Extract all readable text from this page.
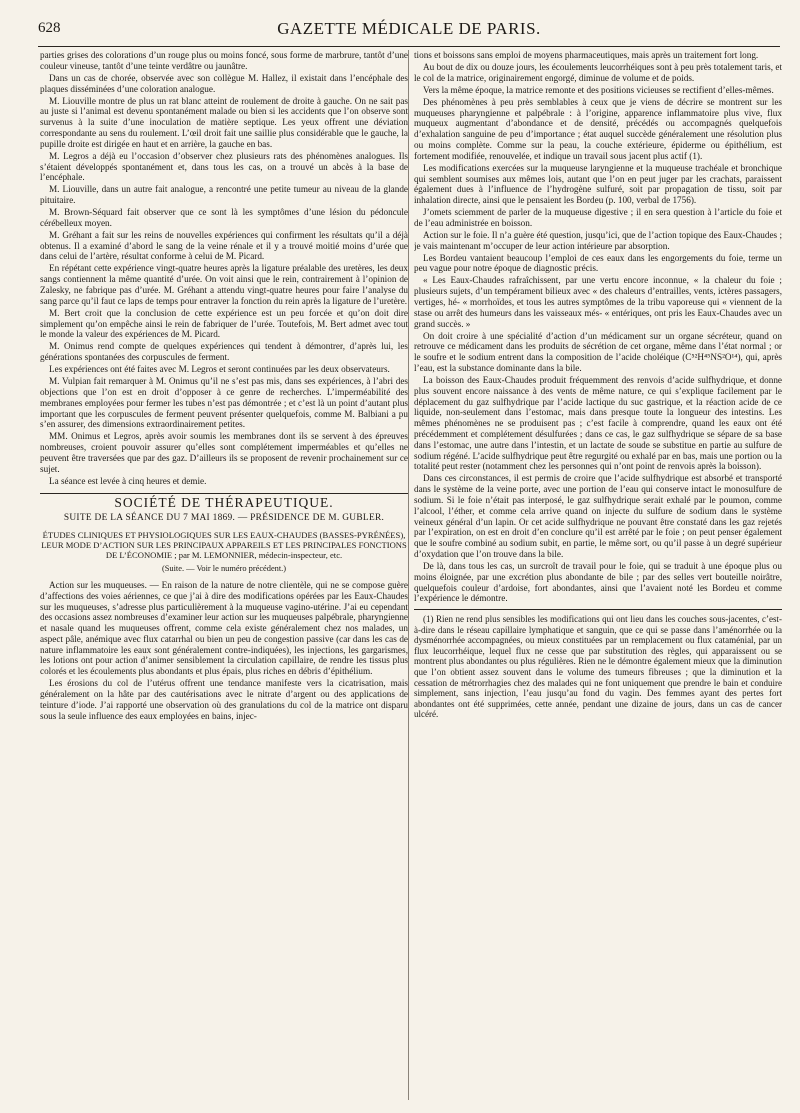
628	GAZETTE MÉDICALE DE PARIS.

parties grises des colorations d’un rouge plus ou moins foncé, sous forme de marbrure, tantôt d’une couleur vineuse, tantôt d’une teinte verdâtre ou jaunâtre.

Dans un cas de chorée, observée avec son collègue M. Hallez, il existait dans l’encéphale des plaques disséminées d’une coloration analogue.

M. Liouville montre de plus un rat blanc atteint de roulement de droite à gauche. On ne sait pas au juste si l’animal est devenu spontanément malade ou bien si les accidents que l’on observe sont survenus à la suite d’une inoculation de matière septique. Les yeux offrent une déviation correspondante au sens du roulement. L’œil droit fait une saillie plus considérable que le gauche, la pupille droite est dirigée en haut et en arrière, la gauche en bas.

M. Legros a déjà eu l’occasion d’observer chez plusieurs rats des phénomènes analogues. Ils s’étaient développés spontanément et, dans tous les cas, on a trouvé un abcès à la base de l’encéphale.

M. Liouville, dans un autre fait analogue, a rencontré une petite tumeur au niveau de la glande pituitaire.

M. Brown-Séquard fait observer que ce sont là les symptômes d’une lésion du pédoncule cérébelleux moyen.

M. Gréhant a fait sur les reins de nouvelles expériences qui confirment les résultats qu’il a déjà obtenus. Il a examiné d’abord le sang de la veine rénale et il y a trouvé moitié moins d’urée que dans celui de l’artère, résultat conforme à celui de M. Picard.

En répétant cette expérience vingt-quatre heures après la ligature préalable des uretères, les deux sangs contiennent la même quantité d’urée. On voit ainsi que le rein, contrairement à l’opinion de Zalesky, ne fabrique pas d’urée. M. Gréhant a attendu vingt-quatre heures pour faire l’analyse du sang parce qu’il faut ce laps de temps pour entraver la fonction du rein après la ligature de l’uretère.

M. Bert croit que la conclusion de cette expérience est un peu forcée et qu’on doit dire simplement qu’on empêche ainsi le rein de fabriquer de l’urée. Toutefois, M. Bert admet avec tout le monde la valeur des expériences de M. Picard.

M. Onimus rend compte de quelques expériences qui tendent à démontrer, d’après lui, les générations spontanées des corpuscules de ferment.

Les expériences ont été faites avec M. Legros et seront continuées par les deux observateurs.

M. Vulpian fait remarquer à M. Onimus qu’il ne s’est pas mis, dans ses expériences, à l’abri des objections que l’on est en droit d’opposer à ce genre de recherches. L’imperméabilité des membranes employées pour fermer les tubes n’est pas démontrée ; et c’est là un point d’autant plus important que les corpuscules de ferment peuvent présenter quelquefois, comme M. Balbiani a pu s’en assurer, des dimensions extraordinairement petites.

MM. Onimus et Legros, après avoir soumis les membranes dont ils se servent à des épreuves nombreuses, croient pouvoir assurer qu’elles sont complétement imperméables et qu’elles ne peuvent être traversées que par des gaz. D’ailleurs ils se proposent de revenir prochainement sur ce sujet.

La séance est levée à cinq heures et demie.

SOCIÉTÉ DE THÉRAPEUTIQUE.
SUITE DE LA SÉANCE DU 7 MAI 1869. — PRÉSIDENCE DE M. GUBLER.
ÉTUDES CLINIQUES ET PHYSIOLOGIQUES SUR LES EAUX-CHAUDES (BASSES-PYRÉNÉES), LEUR MODE D’ACTION SUR LES PRINCIPAUX APPAREILS ET LES PRINCIPALES FONCTIONS DE L’ÉCONOMIE ; par M. LEMONNIER, médecin-inspecteur, etc.
(Suite. — Voir le numéro précédent.)

Action sur les muqueuses. — En raison de la nature de notre clientèle, qui ne se compose guère d’affections des voies aériennes, ce que j’ai à dire des modifications opérées par les Eaux-Chaudes sur les muqueuses, s’adresse plus particulièrement à la muqueuse vagino-utérine. J’ai eu cependant des occasions assez nombreuses d’examiner leur action sur les muqueuses palpébrale, pharyngienne et nasale quand les muqueuses offrent, comme cela existe généralement chez nos malades, un aspect pâle, anémique avec flux catarrhal ou bien un peu de congestion passive (car dans les cas de nature inflammatoire les eaux sont généralement contre-indiquées), les injections, les gargarismes, les lotions ont pour action d’animer sensiblement la circulation capillaire, de rendre les tissus plus colorés et les écoulements plus abondants et plus épais, plus riches en débris d’épithélium.

Les érosions du col de l’utérus offrent une tendance manifeste vers la cicatrisation, mais généralement on la hâte par des cautérisations avec le nitrate d’argent ou des applications de teinture d’iode. J’ai rapporté une observation où des granulations du col de la matrice ont disparu sous la seule influence des eaux employées en bains, injec-

tions et boissons sans emploi de moyens pharmaceutiques, mais après un traitement fort long.

Au bout de dix ou douze jours, les écoulements leucorrhéiques sont à peu près totalement taris, et le col de la matrice, originairement engorgé, diminue de volume et de poids.

Vers la même époque, la matrice remonte et des positions vicieuses se rectifient d’elles-mêmes.

Des phénomènes à peu près semblables à ceux que je viens de décrire se montrent sur les muqueuses pharyngienne et palpébrale : à l’origine, apparence inflammatoire plus vive, flux muqueux augmentant d’abondance et de densité, précédés ou accompagnés quelquefois d’exhalation sanguine de peu d’importance ; état auquel succède généralement une résolution plus ou moins complète. Comme sur la peau, la couche extérieure, épiderme ou épithélium, est fortement modifiée, renouvelée, et indique un travail sous jacent plus actif (1).

Les modifications exercées sur la muqueuse laryngienne et la muqueuse trachéale et bronchique qui semblent soumises aux mêmes lois, autant que l’on en peut juger par les crachats, paraissent également dues à l’influence de l’hydrogène sulfuré, soit par propagation de tissu, soit par inhalation directe, ainsi que le pensaient les Bordeu (p. 100, verbal de 1756).

J’omets sciemment de parler de la muqueuse digestive ; il en sera question à l’article du foie et de l’eau administrée en boisson.

Action sur le foie. Il n’a guère été question, jusqu’ici, que de l’action topique des Eaux-Chaudes ; je vais maintenant m’occuper de leur action intérieure par absorption.

Les Bordeu vantaient beaucoup l’emploi de ces eaux dans les engorgements du foie, terme un peu vague pour notre époque de diagnostic précis.

« Les Eaux-Chaudes rafraîchissent, par une vertu encore inconnue, « la chaleur du foie ; plusieurs sujets, d’un tempérament bilieux avec « des chaleurs d’entrailles, vents, ictères passagers, vertiges, hé- « morrhoïdes, et tous les autres symptômes de la tribu vaporeuse qui « viennent de la stase ou arrêt des humeurs dans les vaisseaux més- « entériques, ont pris les Eaux-Chaudes avec un grand succès. »

On doit croire à une spécialité d’action d’un médicament sur un organe sécréteur, quand on retrouve ce médicament dans les produits de sécrétion de cet organe, même dans l’état normal ; or le soufre et le sodium entrent dans la composition de l’acide choléique (C⁵²H⁴⁵NS²O¹⁴), qui, après l’eau, est la substance dominante dans la bile.

La boisson des Eaux-Chaudes produit fréquemment des renvois d’acide sulfhydrique, et donne plus souvent encore naissance à des vents de même nature, ce qui s’explique facilement par le déplacement du gaz sulfhydrique par l’acide lactique du suc gastrique, et la réaction acide de ce liquide, non-seulement dans l’estomac, mais dans presque toute la longueur des intestins. Les mêmes phénomènes ne se produisent pas ; c’est facile à comprendre, quand les eaux ont été précédemment et complétement désulfurées ; dans ce cas, le gaz sulfhydrique se sépare de sa base dans l’estomac, une autre dans l’intestin, et un lactate de soude se substitue en partie au sulfure de sodium régéné. L’acide sulfhydrique peut être regurgité ou exhalé par en bas, mais une portion ou la totalité peut rester (notamment chez les personnes qui n’ont point de renvois après la boisson).

Dans ces circonstances, il est permis de croire que l’acide sulfhydrique est absorbé et transporté dans le système de la veine porte, avec une portion de l’eau qui conserve intact le monosulfure de sodium. Si le foie n’était pas interposé, le gaz sulfhydrique serait exhalé par le poumon, comme l’alcool, l’éther, et comme cela arrive quand on injecte du sulfure de sodium dans le système veineux général d’un lapin. Or cet acide sulfhydrique ne pouvant être constaté dans les gaz rejetés par l’expiration, on est en droit d’en conclure qu’il est arrêté par le foie ; on peut penser également que le soufre combiné au sodium subit, en partie, le même sort, ou qu’il passe à un degré supérieur d’oxydation que l’on trouve dans la bile.

De là, dans tous les cas, un surcroît de travail pour le foie, qui se traduit à une époque plus ou moins éloignée, par une excrétion plus abondante de bile ; par des selles vert bouteille noirâtre, quelquefois couleur d’ardoise, fort abondantes, ainsi que l’avaient noté les Bordeu et comme l’expérience le démontre.

(1) Rien ne rend plus sensibles les modifications qui ont lieu dans les couches sous-jacentes, c’est-à-dire dans le réseau capillaire lymphatique et sanguin, que ce qui se passe dans l’aménorrhée ou la dysménorrhée accompagnées, ou mieux constituées par un remplacement ou flux cataménial, par un flux leucorrhéique, lequel flux ne cesse que par substitution des règles, qui apparaissent ou se montrent plus abondantes ou plus régulières. Rien ne le démontre également mieux que la diminution que l’on obtient assez souvent dans le volume des tumeurs fibreuses ; que la diminution et la cessation de métrorrhagies chez des malades qui ne font uniquement que prendre le bain et conduire simplement, sans injection, l’eau jusqu’au fond du vagin. Des femmes ayant des pertes fort abondantes ont été supprimées, cette année, pendant une dizaine de jours, dans un cas de cancer ulcéré.
